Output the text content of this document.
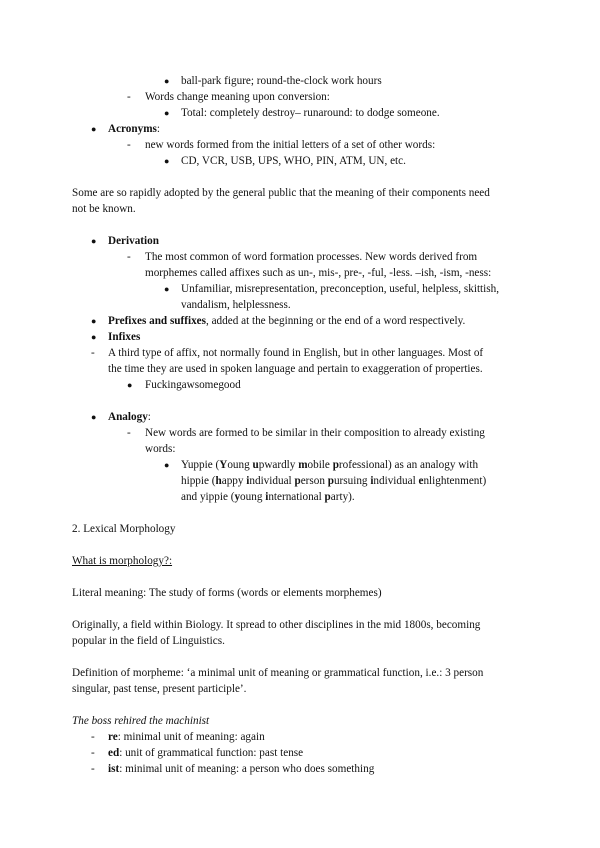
● ball-park figure; round-the-clock work hours
- Words change meaning upon conversion:
● Total: completely destroy– runaround: to dodge someone.
● Acronyms:
- new words formed from the initial letters of a set of other words:
● CD, VCR, USB, UPS, WHO, PIN, ATM, UN, etc.
Some are so rapidly adopted by the general public that the meaning of their components need
not be known.
● Derivation
- The most common of word formation processes. New words derived from
morphemes called affixes such as un-, mis-, pre-, -ful, -less. –ish, -ism, -ness:
● Unfamiliar, misrepresentation, preconception, useful, helpless, skittish,
vandalism, helplessness.
● Prefixes and suffixes, added at the beginning or the end of a word respectively.
● Infixes
- A third type of affix, not normally found in English, but in other languages. Most of
the time they are used in spoken language and pertain to exaggeration of properties.
● Fuckingawsomegood
● Analogy:
- New words are formed to be similar in their composition to already existing
words:
● Yuppie (Young upwardly mobile professional) as an analogy with
hippie (happy individual person pursuing individual enlightenment)
and yippie (young international party).
2. Lexical Morphology
What is morphology?:
Literal meaning: The study of forms (words or elements morphemes)
Originally, a field within Biology. It spread to other disciplines in the mid 1800s, becoming
popular in the field of Linguistics.
Definition of morpheme: ‘a minimal unit of meaning or grammatical function, i.e.: 3 person
singular, past tense, present participle’.
The boss rehired the machinist
- re: minimal unit of meaning: again
- ed: unit of grammatical function: past tense
- ist: minimal unit of meaning: a person who does something
